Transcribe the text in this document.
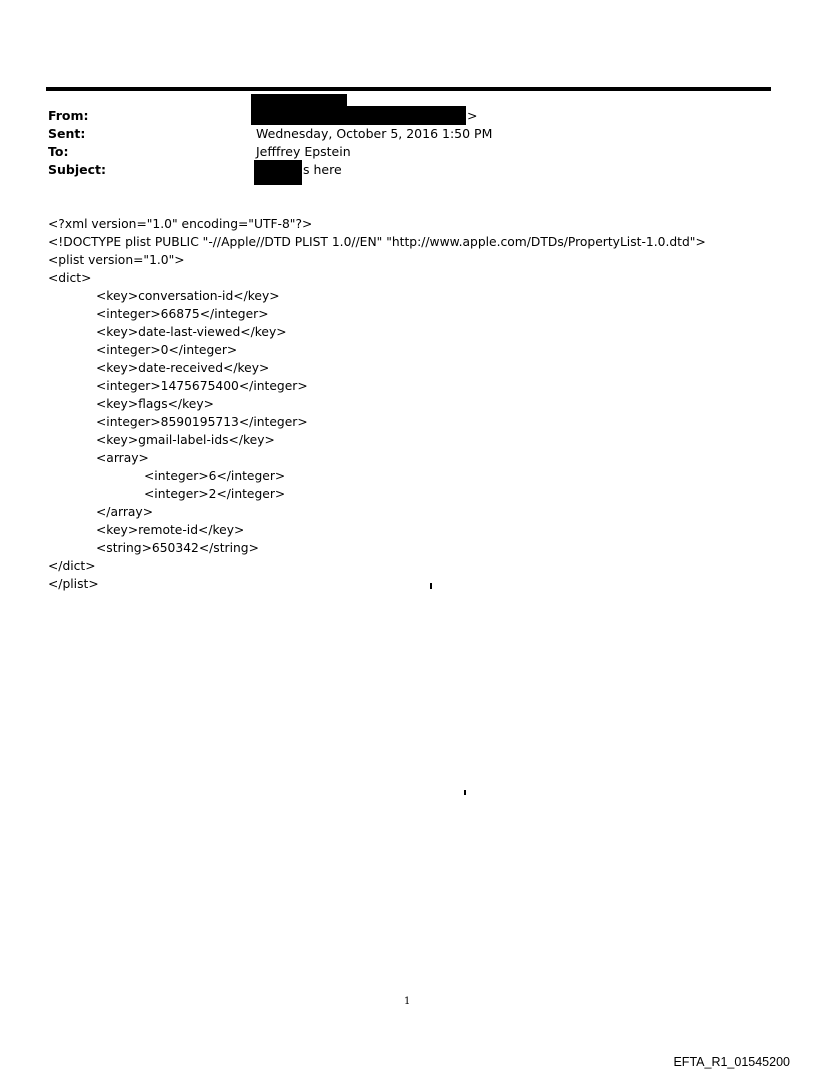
From:	>
Sent:	Wednesday, October 5, 2016 1:50 PM
To:	Jefffrey Epstein
Subject:	s here
<?xml version="1.0" encoding="UTF-8"?>
<!DOCTYPE plist PUBLIC "-//Apple//DTD PLIST 1.0//EN" "http://www.apple.com/DTDs/PropertyList-1.0.dtd">
<plist version="1.0">
<dict>
<key>conversation-id</key>
<integer>66875</integer>
<key>date-last-viewed</key>
<integer>0</integer>
<key>date-received</key>
<integer>1475675400</integer>
<key>flags</key>
<integer>8590195713</integer>
<key>gmail-label-ids</key>
<array>
<integer>6</integer>
<integer>2</integer>
</array>
<key>remote-id</key>
<string>650342</string>
</dict>
</plist>
1
EFTA_R1_01545200
